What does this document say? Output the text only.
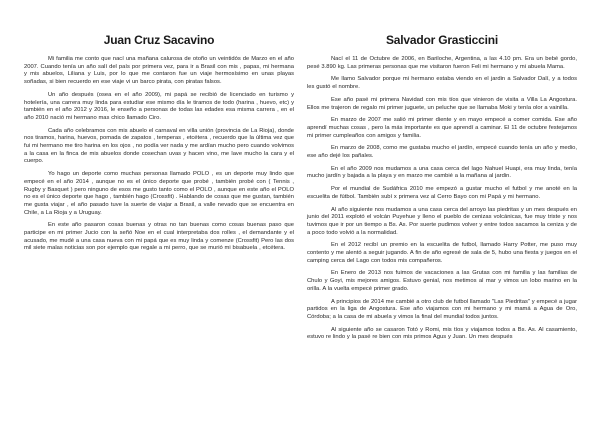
Juan Cruz Sacavino

Mi familia me conto que nací una mañana calurosa de otoño un veintidós de Marzo en el año 2007. Cuando tenía un año salí del país por primera vez, para ir a Brasil con mis , papas, mi hermana y mis abuelos, Liliana y Luis, por lo que me contaron fue un viaje hermosísimo en unas playas soñadas, si bien recuerdo en ese viaje vi un barco pirata, con piratas falsos.

Un año después (osea en el año 2009), mi papá se recibió de licenciado en turismo y hotelería, una carrera muy linda para estudiar ese mismo día le tiramos de todo (harina , huevo, etc) y también en el año 2012 y 2016, le enseño a personas de todas las edades esa misma carrera , en el año 2010 nació mi hermano mas chico llamado Ciro.

Cada año celebramos con mis abuelo el carnaval en villa unión (provincia de La Rioja), donde nos tiramos, harina, huevos, pomada de zapatos , temperas , etcétera , recuerdo que la última vez que fui mi hermano me tiro harina en los ojos , no podía ver nada y me ardían mucho pero cuando volvimos a la casa en la finca de mis abuelos donde cosechan uvas y hacen vino, me lave mucho la cara y el cuerpo.

Yo hago un deporte como muchas personas llamado POLO , es un deporte muy lindo que empecé en el año 2014 , aunque no es el único deporte que probé , también probé con ( Tennis , Rugby y Basquet ) pero ninguno de esos me gusto tanto como el POLO , aunque en este año el POLO no es el único deporte que hago , también hago (Crossfit) . Hablando de cosas que me gustan, también me gusta viajar , el año pasado tuve la suerte de viajar a Brasil, a valle nevado que se encuentra en Chile, a La Rioja y a Uruguay.

En este año pasaron cosas buenas y otras no tan buenas como cosas buenas paso que participe en mi primer Jucio con la señó Noe en el cual interpretaba dos rolles , el demandante y el acusado, me mudé a una casa nueva con mi papá que es muy linda y comenze (Crossfit) Pero las dos mil siete malas noticias son por ejemplo que regale a mi perro, que se murió mi bisabuela , etcétera.

Salvador Grasticcini

Nací el 11 de Octubre de 2006, en Bariloche, Argentina, a las 4.10 pm. Era un bebé gordo, pesé 3.890 kg. Las primeras personas que me visitaron fueron Feli mi hermano y mi abuela Mama.

Me llamo Salvador porque mi hermano estaba viendo en el jardin a Salvador Dalí, y a todos les gustó el nombre.

Ese año pasé mi primera Navidad con mis tíos que vinieron de visita a Villa La Angostura. Ellos me trajeron de regalo mi primer juguete, un peluche que se llamaba Moki y tenía olor a vainilla.

En marzo de 2007 me salió mi primer diente y en mayo empecé a comer comida. Ese año aprendí muchas cosas , pero la más importante es que aprendí a caminar. El 11 de octubre festejamos mi primer cumpleaños con amigos y familia.

En marzo de 2008, como me gustaba mucho el jardín, empecé cuando tenía un año y medio, ese año dejé los pañales.

En el año 2009 nos mudamos a una casa cerca del lago Nahuel Huapi, era muy linda, tenía mucho jardín y bajada a la playa y en marzo me cambié a la mañana al jardin.

Por el mundial de Sudáfrica 2010 me empezó a gustar mucho el futbol y me anoté en la escuelita de fútbol. También subí x primera vez al Cerro Bayo con mi Papá y mi hermano.

Al año siguiente nos mudamos a una casa cerca del arroyo las piedritas y un mes después en junio del 2011 explotó el volcán Puyehue y lleno el pueblo de cenizas volcánicas, fue muy triste y nos tuvimos que ir por un tiempo a Bs. As. Por suerte pudimos volver y entre todos sacamos la ceniza y de a poco todo volvió a la normalidad.

En el 2012 recibí un premio en la escuelita de futbol, llamado Harry Potter, me puso muy contento y me alentó a seguir jugando. A fin de año egresé de sala de 5, hubo una fiesta y juegos en el camping cerca del Lago con todos mis compañeros.

En Enero de 2013 nos fuimos de vacaciones a las Grutas con mi familia y las familias de Chulo y Goyi, mis mejores amigos. Estuvo genial, nos metimos al mar y vimos un lobo marino en la orilla. A la vuelta empecé primer grado.

A principios de 2014 me cambié a otro club de futbol llamado "Las Piedritas" y empecé a jugar partidos en la liga de Angostura. Ese año viajamos con mi hermano y mi mamá a Agua de Oro, Córdoba; a la casa de mi abuela y vimos la final del mundial todos juntos.

Al siguiente año se casaron Totó y Romi, mis tíos y viajamos todos a Bs. As. Al casamiento, estuvo re lindo y la pasé re bien con mis primos Agus y Juan. Un mes después
